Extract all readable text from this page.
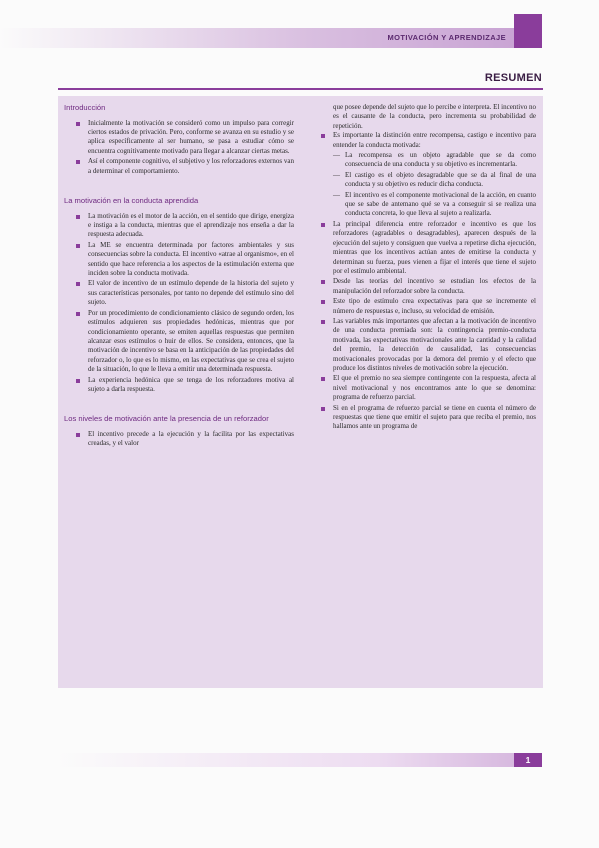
MOTIVACIÓN Y APRENDIZAJE
RESUMEN
Introducción
Inicialmente la motivación se consideró como un impulso para corregir ciertos estados de privación. Pero, conforme se avanza en su estudio y se aplica específicamente al ser humano, se pasa a estudiar cómo se encuentra cognitivamente motivado para llegar a alcanzar ciertas metas.
Así el componente cognitivo, el subjetivo y los reforzadores externos van a determinar el comportamiento.
La motivación en la conducta aprendida
La motivación es el motor de la acción, en el sentido que dirige, energiza e instiga a la conducta, mientras que el aprendizaje nos enseña a dar la respuesta adecuada.
La ME se encuentra determinada por factores ambientales y sus consecuencias sobre la conducta. El incentivo «atrae al organismo», en el sentido que hace referencia a los aspectos de la estimulación externa que inciden sobre la conducta motivada.
El valor de incentivo de un estímulo depende de la historia del sujeto y sus características personales, por tanto no depende del estímulo sino del sujeto.
Por un procedimiento de condicionamiento clásico de segundo orden, los estímulos adquieren sus propiedades hedónicas, mientras que por condicionamiento operante, se emiten aquellas respuestas que permiten alcanzar esos estímulos o huir de ellos. Se considera, entonces, que la motivación de incentivo se basa en la anticipación de las propiedades del reforzador o, lo que es lo mismo, en las expectativas que se crea el sujeto de la situación, lo que le lleva a emitir una determinada respuesta.
La experiencia hedónica que se tenga de los reforzadores motiva al sujeto a darla respuesta.
Los niveles de motivación ante la presencia de un reforzador
El incentivo precede a la ejecución y la facilita por las expectativas creadas, y el valor
que posee depende del sujeto que lo percibe e interpreta. El incentivo no es el causante de la conducta, pero incrementa su probabilidad de repetición.
Es importante la distinción entre recompensa, castigo e incentivo para entender la conducta motivada:
— La recompensa es un objeto agradable que se da como consecuencia de una conducta y su objetivo es incrementarla.
— El castigo es el objeto desagradable que se da al final de una conducta y su objetivo es reducir dicha conducta.
— El incentivo es el componente motivacional de la acción, en cuanto que se sabe de antemano qué se va a conseguir si se realiza una conducta concreta, lo que lleva al sujeto a realizarla.
La principal diferencia entre reforzador e incentivo es que los reforzadores (agradables o desagradables), aparecen después de la ejecución del sujeto y consiguen que vuelva a repetirse dicha ejecución, mientras que los incentivos actúan antes de emitirse la conducta y determinan su fuerza, pues vienen a fijar el interés que tiene el sujeto por el estímulo ambiental.
Desde las teorías del incentivo se estudian los efectos de la manipulación del reforzador sobre la conducta.
Este tipo de estímulo crea expectativas para que se incremente el número de respuestas e, incluso, su velocidad de emisión.
Las variables más importantes que afectan a la motivación de incentivo de una conducta premiada son: la contingencia premio-conducta motivada, las expectativas motivacionales ante la cantidad y la calidad del premio, la detección de causalidad, las consecuencias motivacionales provocadas por la demora del premio y el efecto que produce los distintos niveles de motivación sobre la ejecución.
El que el premio no sea siempre contingente con la respuesta, afecta al nivel motivacional y nos encontramos ante lo que se denomina: programa de refuerzo parcial.
Si en el programa de refuerzo parcial se tiene en cuenta el número de respuestas que tiene que emitir el sujeto para que reciba el premio, nos hallamos ante un programa de
1
